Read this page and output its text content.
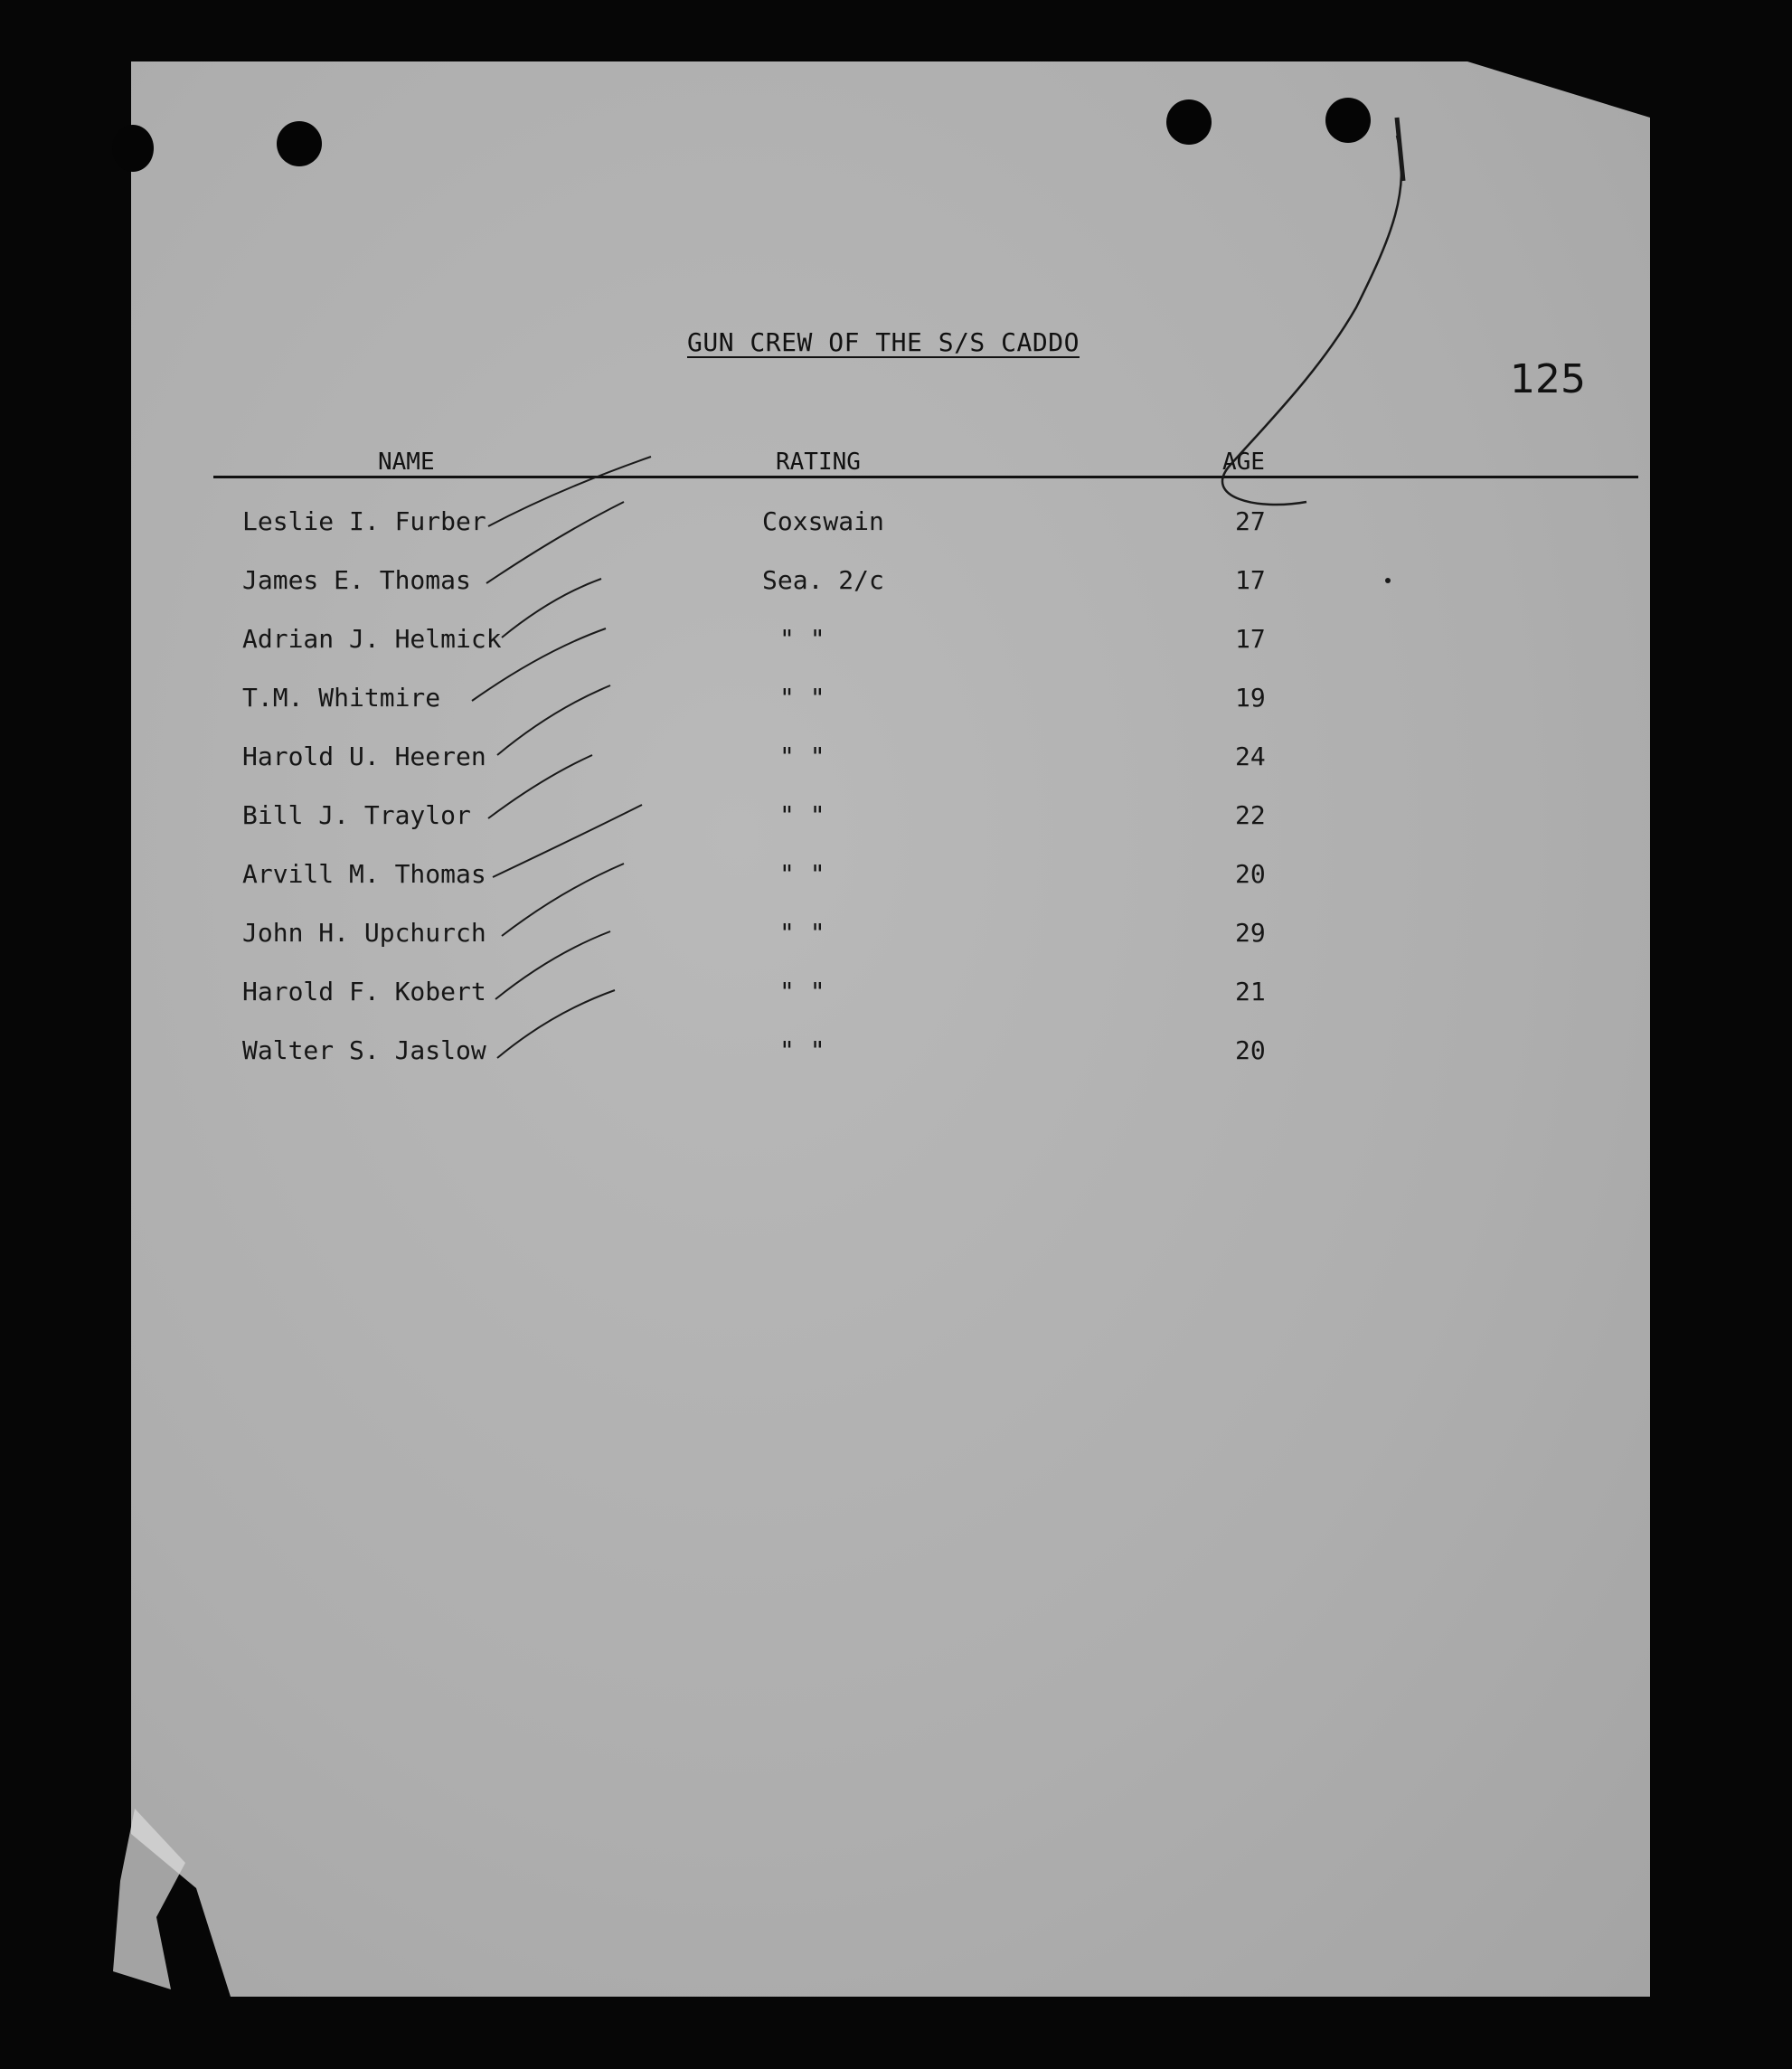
GUN CREW OF THE S/S CADDO
125
NAME	RATING	AGE
Leslie I. Furber	Coxswain	27
James E. Thomas	Sea. 2/c	17
Adrian J. Helmick	" "	17
T.M. Whitmire	" "	19
Harold U. Heeren	" "	24
Bill J. Traylor	" "	22
Arvill M. Thomas	" "	20
John H. Upchurch	" "	29
Harold F. Kobert	" "	21
Walter S. Jaslow	" "	20
